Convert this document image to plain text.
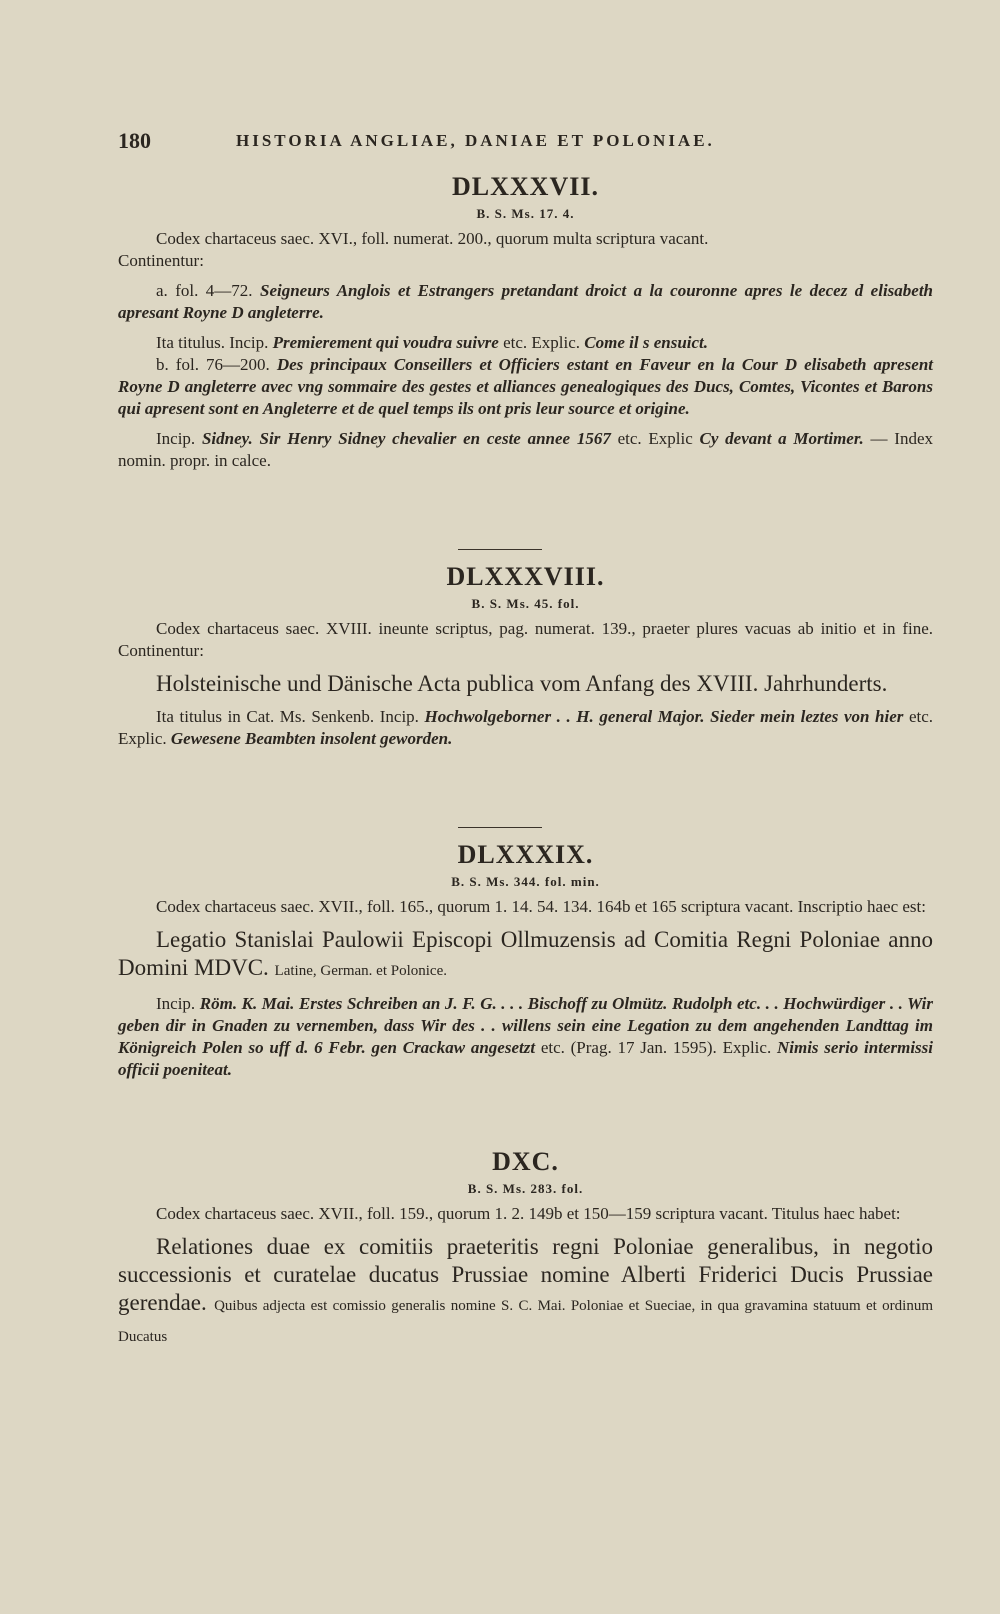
180	HISTORIA ANGLIAE, DANIAE ET POLONIAE.
DLXXXVII.
B. S. Ms. 17. 4.

Codex chartaceus saec. XVI., foll. numerat. 200., quorum multa scriptura vacant.

Continentur:

a. fol. 4—72. Seigneurs Anglois et Estrangers pretandant droict a la couronne apres le decez d elisabeth apresant Royne D angleterre.

Ita titulus. Incip. Premierement qui voudra suivre etc. Explic. Come il s ensuict.

b. fol. 76—200. Des principaux Conseillers et Officiers estant en Faveur en la Cour D elisabeth apresent Royne D angleterre avec vng sommaire des gestes et alliances genealogiques des Ducs, Comtes, Vicontes et Barons qui apresent sont en Angleterre et de quel temps ils ont pris leur source et origine.

Incip. Sidney. Sir Henry Sidney chevalier en ceste annee 1567 etc. Explic Cy devant a Mortimer. — Index nomin. propr. in calce.

DLXXXVIII.
B. S. Ms. 45. fol.

Codex chartaceus saec. XVIII. ineunte scriptus, pag. numerat. 139., praeter plures vacuas ab initio et in fine. Continentur:

Holsteinische und Dänische Acta publica vom Anfang des XVIII. Jahrhunderts.

Ita titulus in Cat. Ms. Senkenb. Incip. Hochwolgeborner . . H. general Major. Sieder mein leztes von hier etc. Explic. Gewesene Beambten insolent geworden.

DLXXXIX.
B. S. Ms. 344. fol. min.

Codex chartaceus saec. XVII., foll. 165., quorum 1. 14. 54. 134. 164b et 165 scriptura vacant. Inscriptio haec est:

Legatio Stanislai Paulowii Episcopi Ollmuzensis ad Comitia Regni Poloniae anno Domini MDVC. Latine, German. et Polonice.

Incip. Röm. K. Mai. Erstes Schreiben an J. F. G. . . . Bischoff zu Olmütz. Rudolph etc. . . Hochwürdiger . . Wir geben dir in Gnaden zu vernemben, dass Wir des . . willens sein eine Legation zu dem angehenden Landttag im Königreich Polen so uff d. 6 Febr. gen Crackaw angesetzt etc. (Prag. 17 Jan. 1595). Explic. Nimis serio intermissi officii poeniteat.

DXC.
B. S. Ms. 283. fol.

Codex chartaceus saec. XVII., foll. 159., quorum 1. 2. 149b et 150—159 scriptura vacant. Titulus haec habet:

Relationes duae ex comitiis praeteritis regni Poloniae generalibus, in negotio successionis et curatelae ducatus Prussiae nomine Alberti Friderici Ducis Prussiae gerendae. Quibus adjecta est comissio generalis nomine S. C. Mai. Poloniae et Sueciae, in qua gravamina statuum et ordinum Ducatus
